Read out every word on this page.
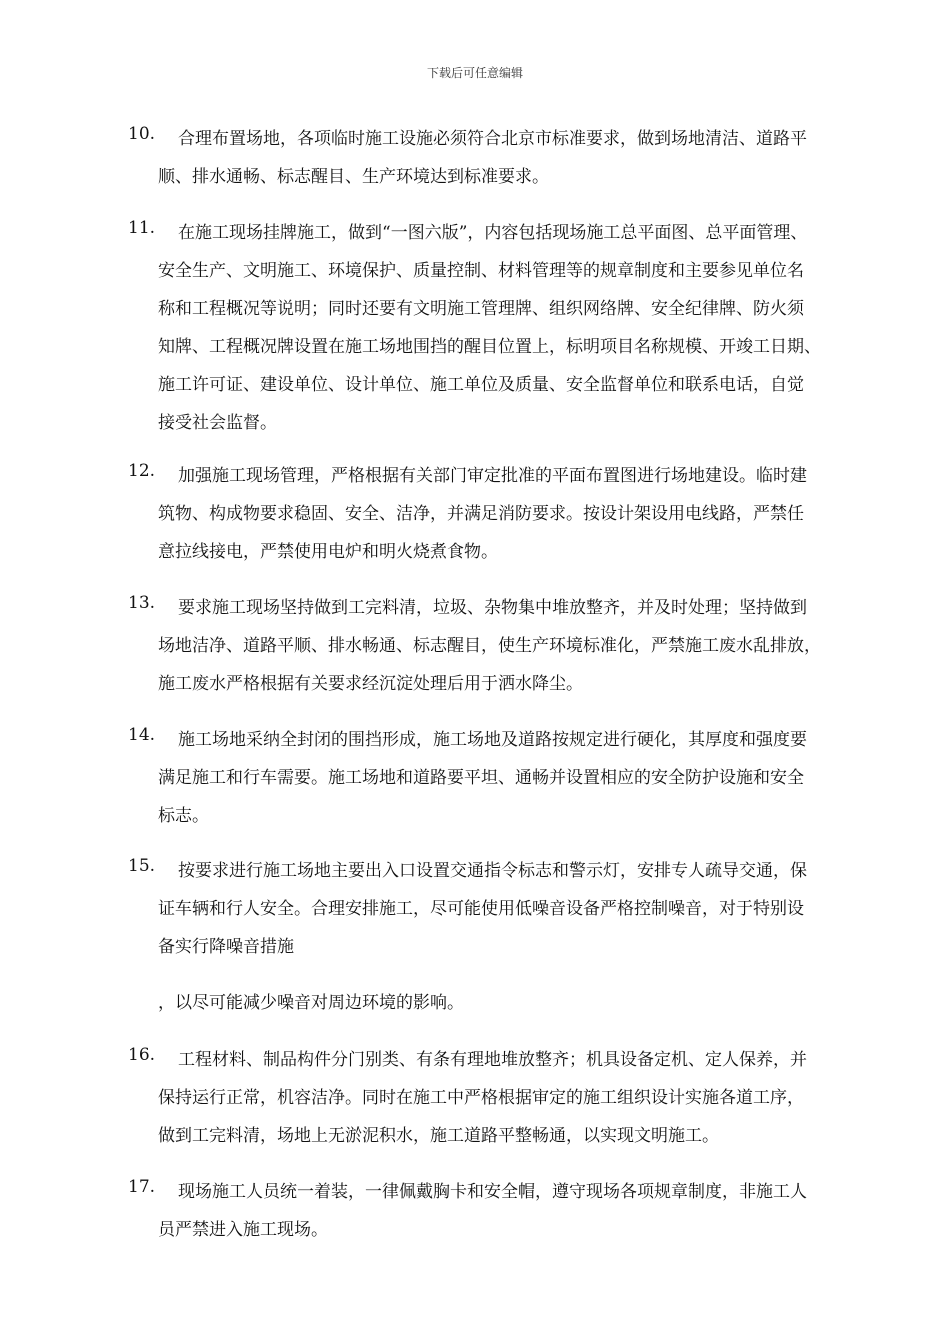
下载后可任意编辑
10. 合理布置场地，各项临时施工设施必须符合北京市标准要求，做到场地清洁、道路平
顺、排水通畅、标志醒目、生产环境达到标准要求。
11. 在施工现场挂牌施工，做到“一图六版”，内容包括现场施工总平面图、总平面管理、
安全生产、文明施工、环境保护、质量控制、材料管理等的规章制度和主要参见单位名
称和工程概况等说明；同时还要有文明施工管理牌、组织网络牌、安全纪律牌、防火须
知牌、工程概况牌设置在施工场地围挡的醒目位置上，标明项目名称规模、开竣工日期、
施工许可证、建设单位、设计单位、施工单位及质量、安全监督单位和联系电话，自觉
接受社会监督。
12. 加强施工现场管理，严格根据有关部门审定批准的平面布置图进行场地建设。临时建
筑物、构成物要求稳固、安全、洁净，并满足消防要求。按设计架设用电线路，严禁任
意拉线接电，严禁使用电炉和明火烧煮食物。
13. 要求施工现场坚持做到工完料清，垃圾、杂物集中堆放整齐，并及时处理；坚持做到
场地洁净、道路平顺、排水畅通、标志醒目，使生产环境标准化，严禁施工废水乱排放，
施工废水严格根据有关要求经沉淀处理后用于洒水降尘。
14. 施工场地采纳全封闭的围挡形成，施工场地及道路按规定进行硬化，其厚度和强度要
满足施工和行车需要。施工场地和道路要平坦、通畅并设置相应的安全防护设施和安全
标志。
15. 按要求进行施工场地主要出入口设置交通指令标志和警示灯，安排专人疏导交通，保
证车辆和行人安全。合理安排施工，尽可能使用低噪音设备严格控制噪音，对于特别设
备实行降噪音措施
，以尽可能减少噪音对周边环境的影响。
16. 工程材料、制品构件分门别类、有条有理地堆放整齐；机具设备定机、定人保养，并
保持运行正常，机容洁净。同时在施工中严格根据审定的施工组织设计实施各道工序，
做到工完料清，场地上无淤泥积水，施工道路平整畅通，以实现文明施工。
17. 现场施工人员统一着装，一律佩戴胸卡和安全帽，遵守现场各项规章制度，非施工人
员严禁进入施工现场。
